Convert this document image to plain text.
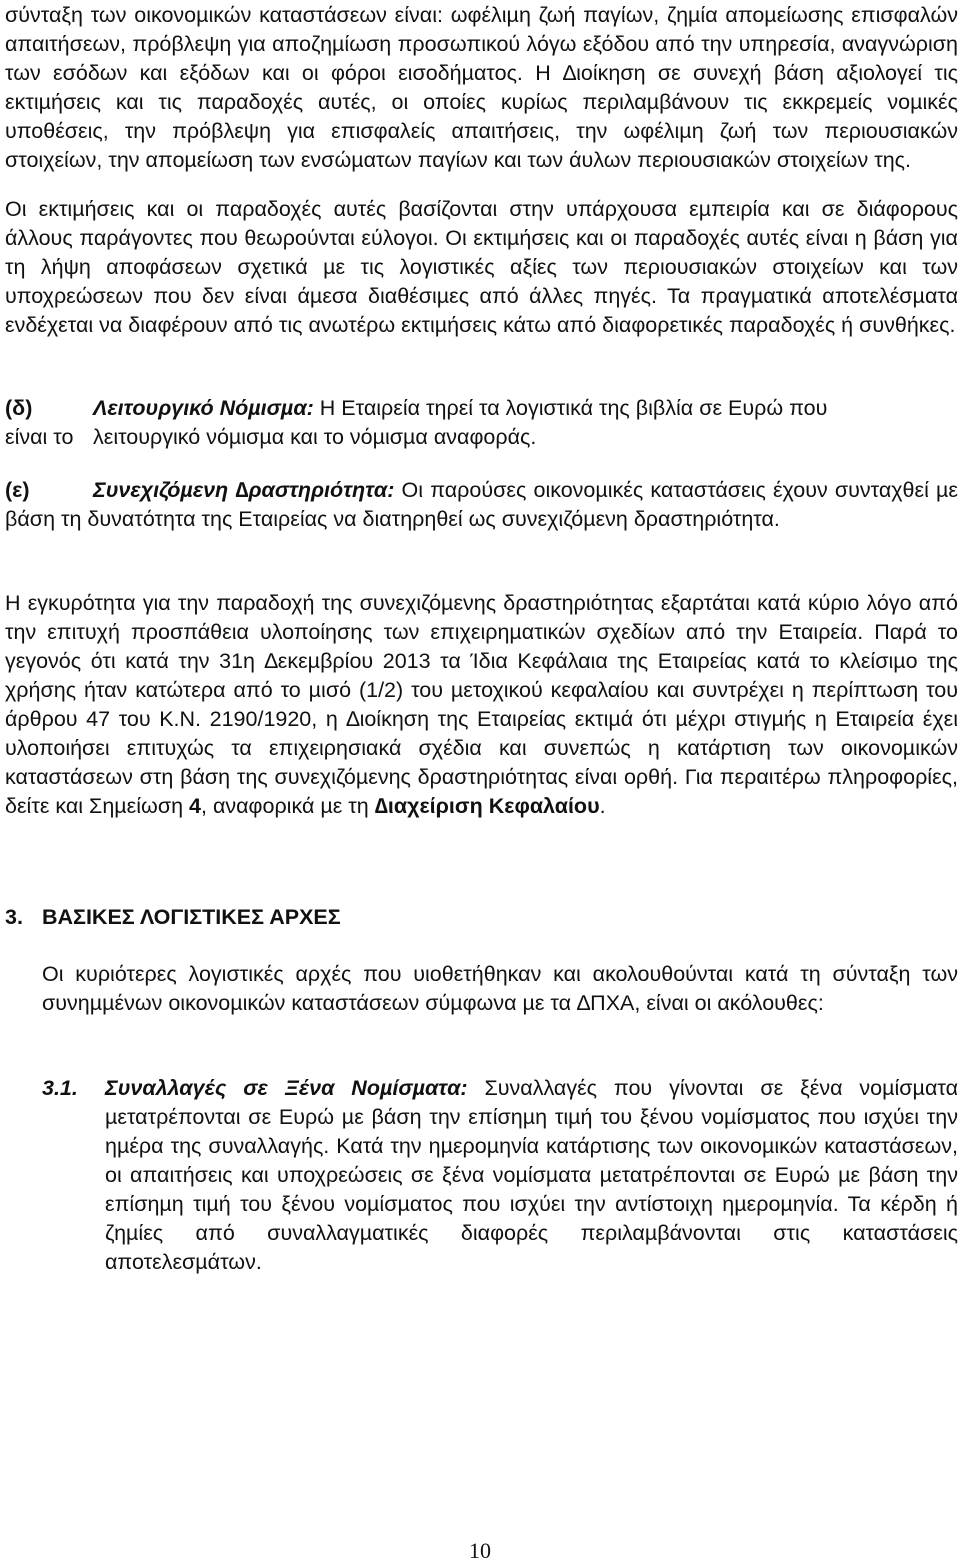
σύνταξη των οικονοµικών καταστάσεων είναι: ωφέλιµη ζωή παγίων, ζηµία αποµείωσης επισφαλών απαιτήσεων, πρόβλεψη για αποζηµίωση προσωπικού λόγω εξόδου από την υπηρεσία, αναγνώριση των εσόδων και εξόδων και οι φόροι εισοδήµατος. Η ∆ιοίκηση σε συνεχή βάση αξιολογεί τις εκτιµήσεις και τις παραδοχές αυτές, οι οποίες κυρίως περιλαµβάνουν τις εκκρεµείς νοµικές υποθέσεις, την πρόβλεψη για επισφαλείς απαιτήσεις, την ωφέλιµη ζωή των περιουσιακών στοιχείων, την αποµείωση των ενσώµατων παγίων και των άυλων περιουσιακών στοιχείων της.

Οι εκτιµήσεις και οι παραδοχές αυτές βασίζονται στην υπάρχουσα εµπειρία και σε διάφορους άλλους παράγοντες που θεωρούνται εύλογοι. Οι εκτιµήσεις και οι παραδοχές αυτές είναι η βάση για τη λήψη αποφάσεων σχετικά µε τις λογιστικές αξίες των περιουσιακών στοιχείων και των υποχρεώσεων που δεν είναι άµεσα διαθέσιµες από άλλες πηγές. Τα πραγµατικά αποτελέσµατα ενδέχεται να διαφέρουν από τις ανωτέρω εκτιµήσεις κάτω από διαφορετικές παραδοχές ή συνθήκες.

(δ)	Λειτουργικό Νόµισµα: Η Εταιρεία τηρεί τα λογιστικά της βιβλία σε Ευρώ που
είναι το λειτουργικό νόµισµα και το νόµισµα αναφοράς.
(ε)	Συνεχιζόµενη ∆ραστηριότητα: Οι παρούσες οικονοµικές καταστάσεις έχουν συνταχθεί µε βάση τη δυνατότητα της Εταιρείας να διατηρηθεί ως συνεχιζόµενη δραστηριότητα.

Η εγκυρότητα για την παραδοχή της συνεχιζόµενης δραστηριότητας εξαρτάται κατά κύριο λόγο από την επιτυχή προσπάθεια υλοποίησης των επιχειρηµατικών σχεδίων από την Εταιρεία. Παρά το γεγονός ότι κατά την 31η ∆εκεµβρίου 2013 τα Ίδια Κεφάλαια της Εταιρείας κατά το κλείσιµο της χρήσης ήταν κατώτερα από το µισό (1/2) του µετοχικού κεφαλαίου και συντρέχει η περίπτωση του άρθρου 47 του Κ.Ν. 2190/1920, η ∆ιοίκηση της Εταιρείας εκτιµά ότι µέχρι στιγµής η Εταιρεία έχει υλοποιήσει επιτυχώς τα επιχειρησιακά σχέδια και συνεπώς η κατάρτιση των οικονοµικών καταστάσεων στη βάση της συνεχιζόµενης δραστηριότητας είναι ορθή. Για περαιτέρω πληροφορίες, δείτε και Σηµείωση 4, αναφορικά µε τη ∆ιαχείριση Κεφαλαίου.

3. ΒΑΣΙΚΕΣ ΛΟΓΙΣΤΙΚΕΣ ΑΡΧΕΣ

Οι κυριότερες λογιστικές αρχές που υιοθετήθηκαν και ακολουθούνται κατά τη σύνταξη των συνηµµένων οικονοµικών καταστάσεων σύµφωνα µε τα ∆ΠΧΑ, είναι οι ακόλουθες:

3.1. Συναλλαγές σε Ξένα Νοµίσµατα: Συναλλαγές που γίνονται σε ξένα νοµίσµατα µετατρέπονται σε Ευρώ µε βάση την επίσηµη τιµή του ξένου νοµίσµατος που ισχύει την ηµέρα της συναλλαγής. Κατά την ηµεροµηνία κατάρτισης των οικονοµικών καταστάσεων, οι απαιτήσεις και υποχρεώσεις σε ξένα νοµίσµατα µετατρέπονται σε Ευρώ µε βάση την επίσηµη τιµή του ξένου νοµίσµατος που ισχύει την αντίστοιχη ηµεροµηνία. Τα κέρδη ή ζηµίες από συναλλαγµατικές διαφορές περιλαµβάνονται στις καταστάσεις αποτελεσµάτων.

10
